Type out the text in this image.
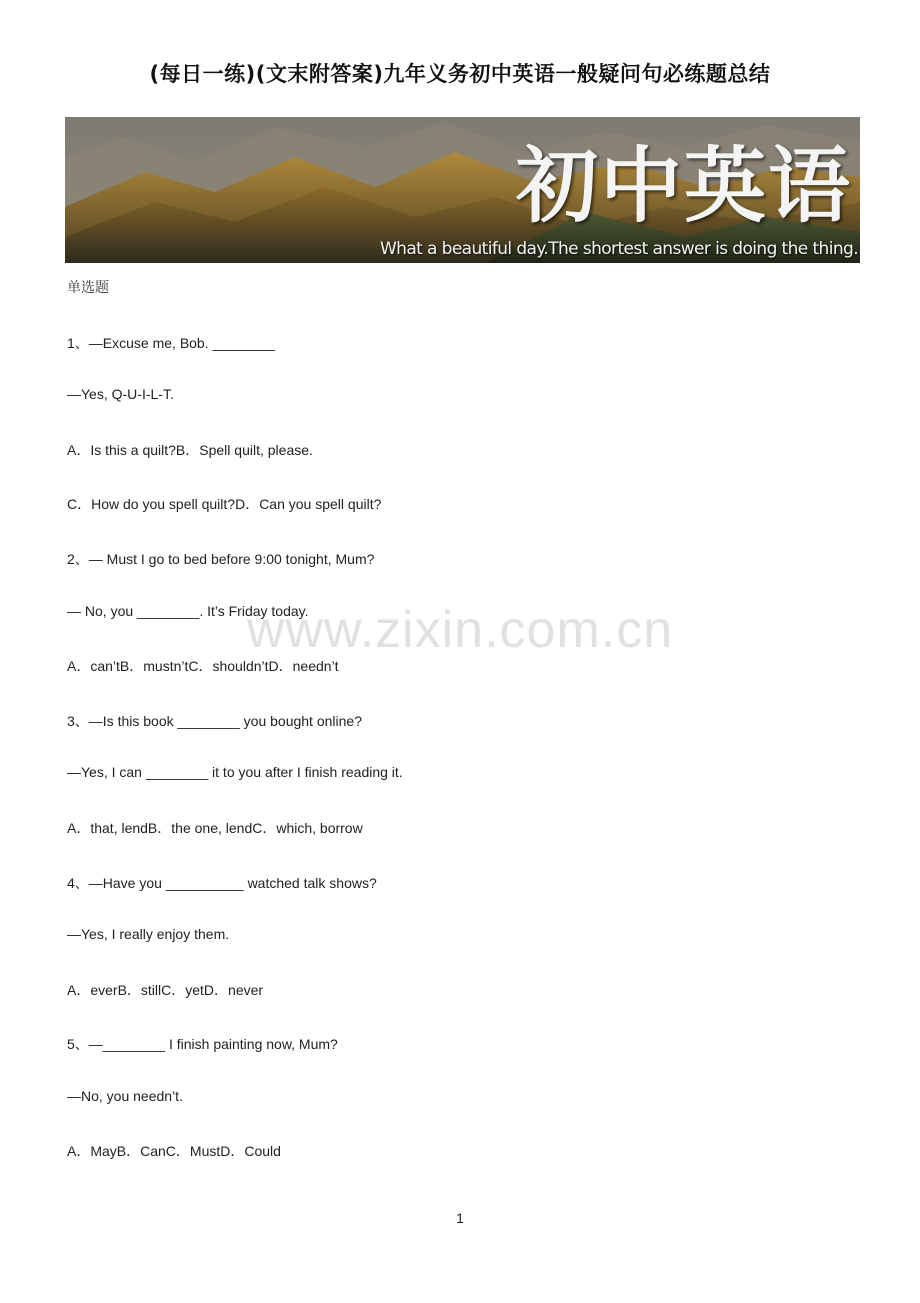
(每日一练)(文末附答案)九年义务初中英语一般疑问句必练题总结
初中英语
What a beautiful day.The shortest answer is doing the thing.
单选题
1、—Excuse me, Bob. ________
—Yes, Q-U-I-L-T.
A．Is this a quilt?B．Spell quilt, please.
C．How do you spell quilt?D．Can you spell quilt?
2、— Must I go to bed before 9:00 tonight, Mum?
— No, you ________. It’s Friday today.
A．can’tB．mustn’tC．shouldn’tD．needn’t
3、—Is this book ________ you bought online?
—Yes, I can ________ it to you after I finish reading it.
A．that, lendB．the one, lendC．which, borrow
4、—Have you __________ watched talk shows?
—Yes, I really enjoy them.
A．everB．stillC．yetD．never
5、—________ I finish painting now, Mum?
—No, you needn’t.
A．MayB．CanC．MustD．Could
www.zixin.com.cn
1
